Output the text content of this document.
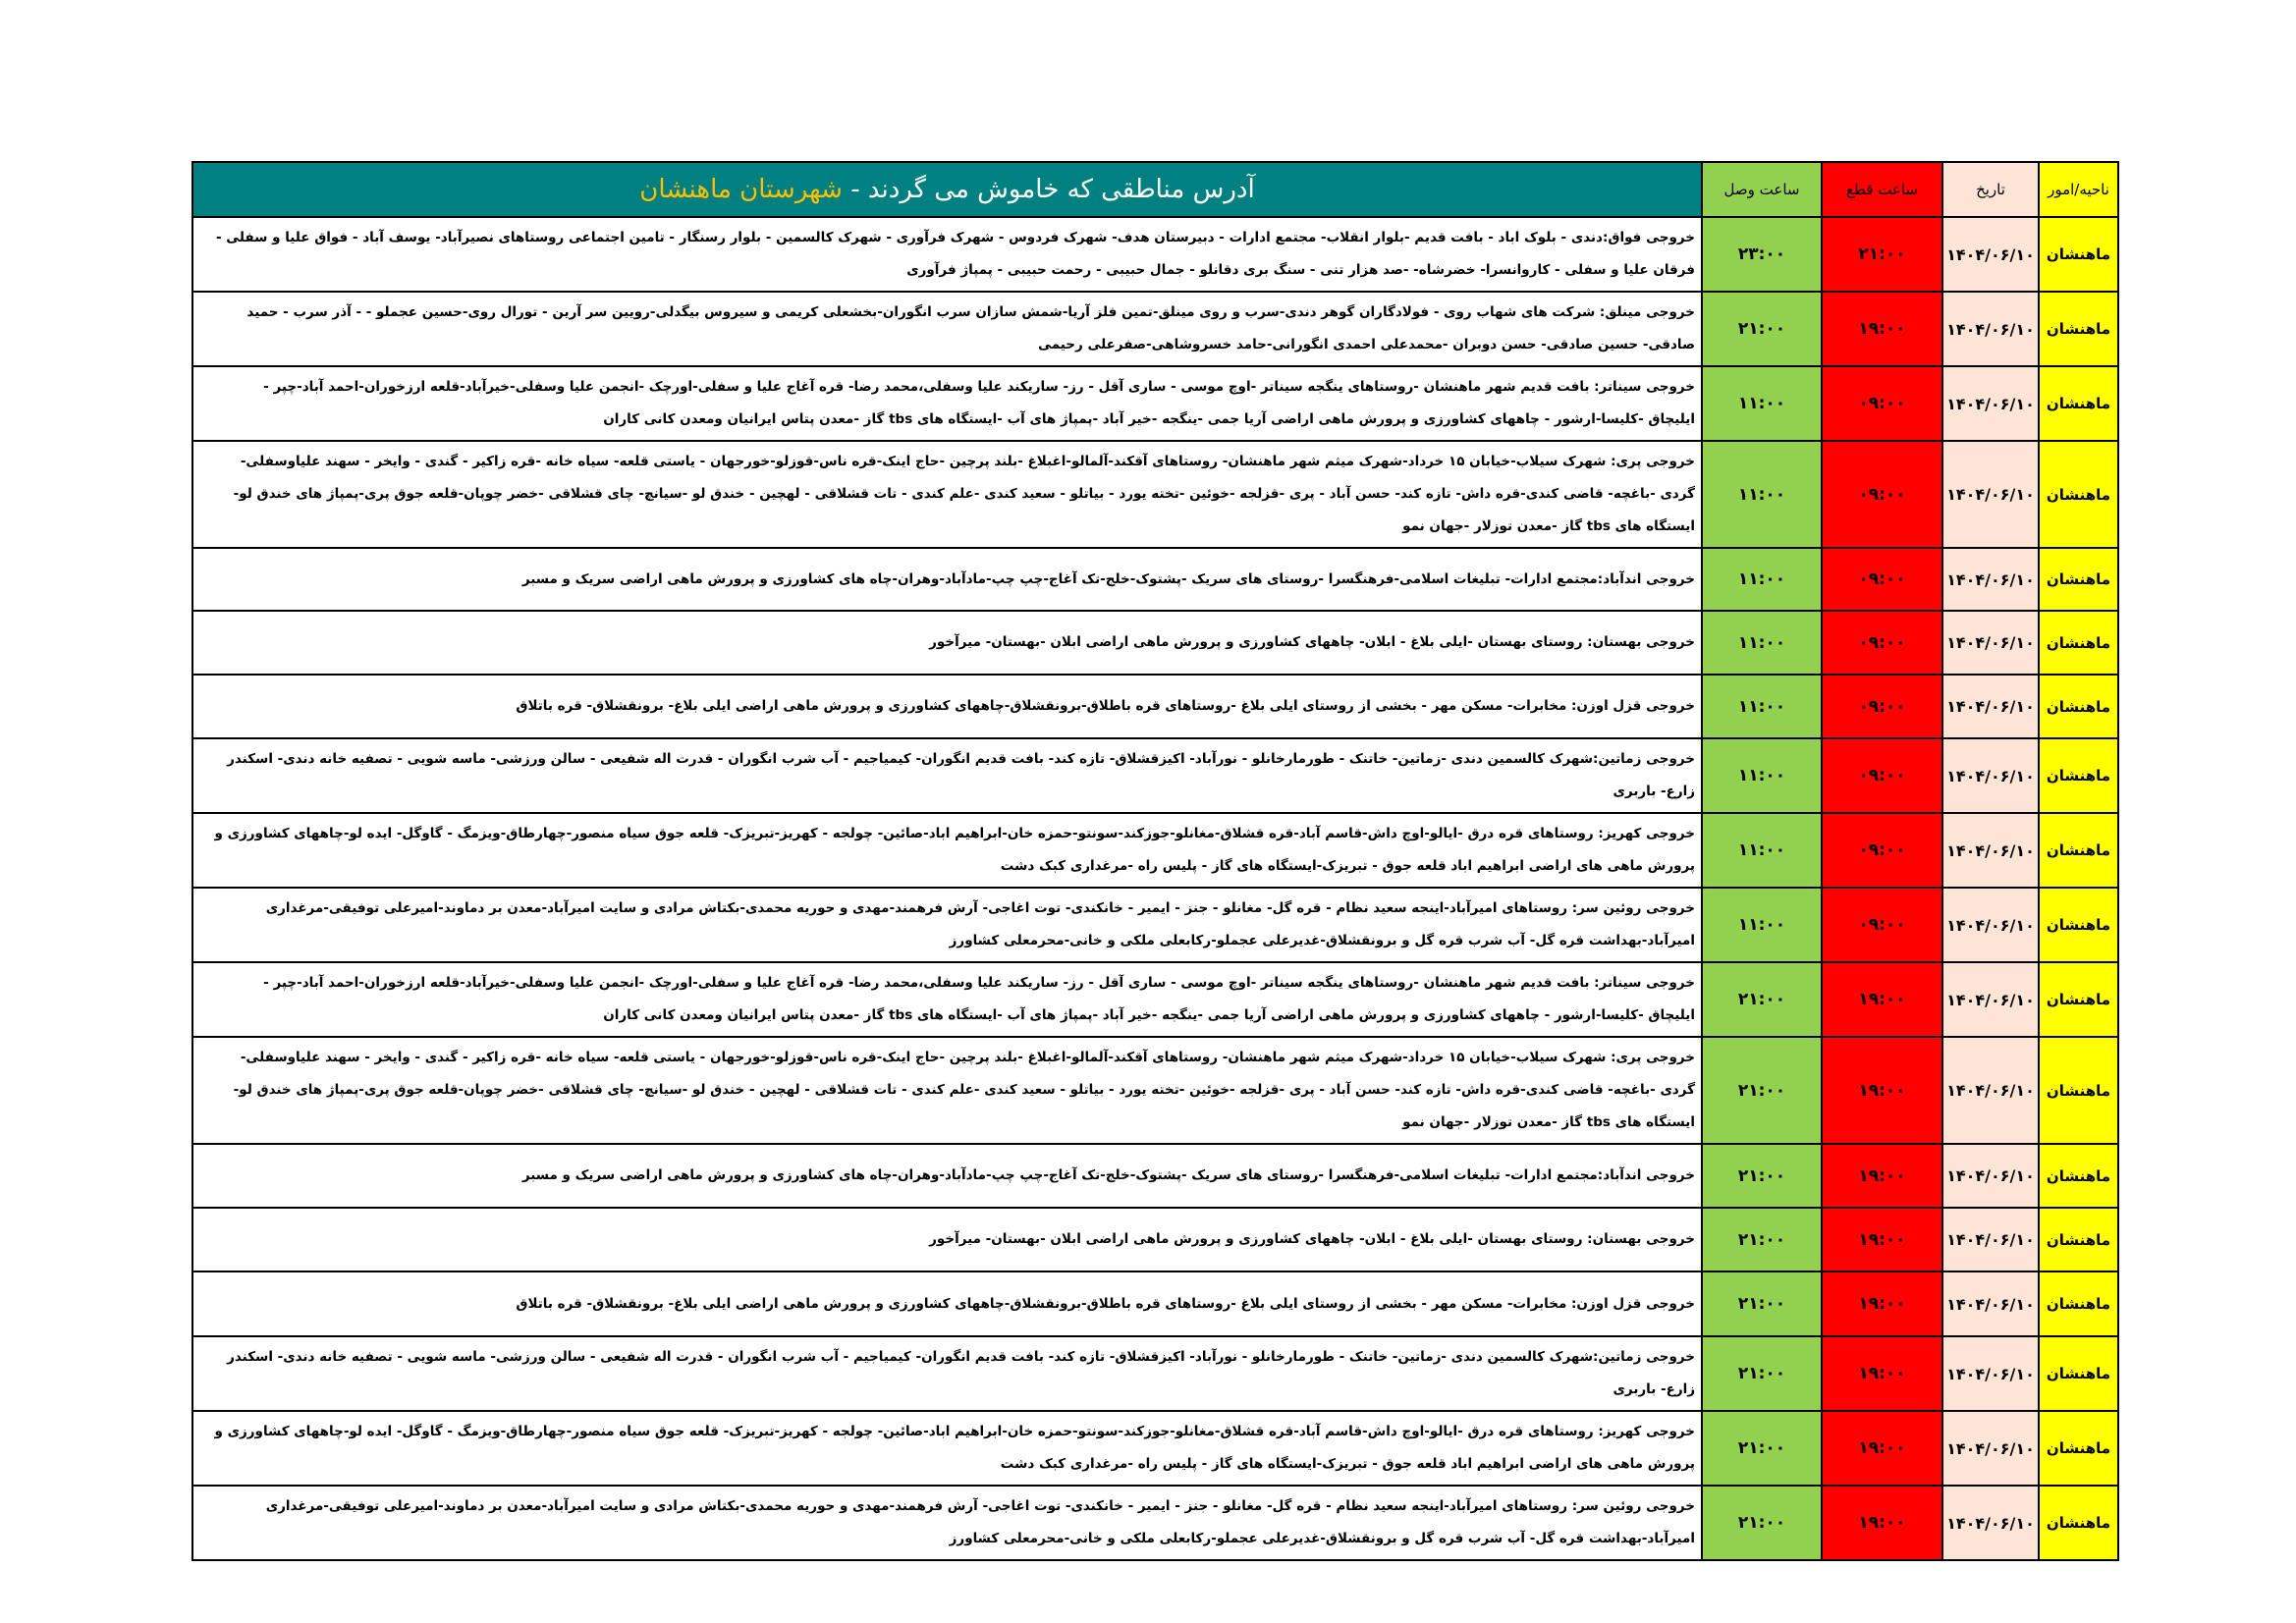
ناحیه/امور	تاریخ	ساعت قطع	ساعت وصل	آدرس مناطقی که خاموش می گردند - شهرستان ماهنشان
ماهنشان	۱۴۰۴/۰۶/۱۰	۲۱:۰۰	۲۳:۰۰	خروجی فواق:دندی - بلوک اباد - بافت قدیم -بلوار انقلاب- مجتمع ادارات - دبیرستان هدف- شهرک فردوس - شهرک فرآوری - شهرک کالسمین - بلوار رسنگار - تامین اجتماعی روستاهای نصیرآباد- یوسف آباد - فواق علیا و سفلی - فرقان علیا و سفلی - کاروانسرا- خضرشاه- -صد هزار تنی - سنگ بری دقانلو - جمال حبیبی - رحمت حبیبی - پمپاژ فرآوری
ماهنشان	۱۴۰۴/۰۶/۱۰	۱۹:۰۰	۲۱:۰۰	خروجی مینلق: شرکت های شهاب روی - فولادگاران گوهر دندی-سرب و روی مینلق-تمین فلز آریا-شمش سازان سرب انگوران-بخشعلی کریمی و سیروس بیگدلی-رویین سر آرین - تورال روی-حسین عجملو - - آذر سرب - حمید صادقی- حسین صادقی- حسن دوبران -محمدعلی احمدی انگورانی-حامد خسروشاهی-صفرعلی رحیمی
ماهنشان	۱۴۰۴/۰۶/۱۰	۰۹:۰۰	۱۱:۰۰	خروجی سیناتر: بافت قدیم شهر ماهنشان -روستاهای ینگجه سیناتر -اوچ موسی - ساری آقل - رز- ساریکند علیا وسفلی،محمد رضا- قره آغاج علیا و سفلی-اورچک -انجمن علیا وسفلی-خیرآباد-قلعه ارزخوران-احمد آباد-چپر - ایلیچاق -کلیسا-ارشور - چاههای کشاورزی و پرورش ماهی اراضی آریا جمی -ینگجه -خیر آباد -پمپاژ های آب -ایستگاه های tbs گاز -معدن پتاس ایرانیان ومعدن کانی کاران
ماهنشان	۱۴۰۴/۰۶/۱۰	۰۹:۰۰	۱۱:۰۰	خروجی پری: شهرک سیلاب-خیابان ۱۵ خرداد-شهرک میثم شهر ماهنشان- روستاهای آقکند-آلمالو-اغبلاغ -بلند پرچین -حاج اینک-قره ناس-قوزلو-خورجهان - یاستی قلعه- سیاه خانه -قره زاکیر - گندی - وایخر - سهند علیاوسفلی- گردی -باغچه- قاضی کندی-قره داش- تازه کند- حسن آباد - پری -قزلجه -خوئین -تخته یورد - بیاتلو - سعید کندی -علم کندی - تات قشلاقی - لهچین - خندق لو -سیانچ- چای قشلاقی -خضر چوپان-قلعه جوق پری-پمپاژ های خندق لو-ایستگاه های tbs گاز -معدن توزلار -جهان نمو
ماهنشان	۱۴۰۴/۰۶/۱۰	۰۹:۰۰	۱۱:۰۰	خروجی اندآباد:مجتمع ادارات- تبلیغات اسلامی-فرهنگسرا -روستای های سریک -پشتوک-خلج-تک آغاج-چپ چپ-مادآباد-وهران-چاه های کشاورزی و پرورش ماهی اراضی سریک و مسبر
ماهنشان	۱۴۰۴/۰۶/۱۰	۰۹:۰۰	۱۱:۰۰	خروجی بهستان: روستای بهستان -ایلی بلاغ - ابلان- چاههای کشاورزی و پرورش ماهی اراضی ابلان -بهستان- میرآخور
ماهنشان	۱۴۰۴/۰۶/۱۰	۰۹:۰۰	۱۱:۰۰	خروجی قزل اوزن: مخابرات- مسکن مهر - بخشی از روستای ایلی بلاغ -روستاهای قره باطلاق-برونقشلاق-چاههای کشاورزی و پرورش ماهی اراضی ایلی بلاغ- برونقشلاق- قره باتلاق
ماهنشان	۱۴۰۴/۰۶/۱۰	۰۹:۰۰	۱۱:۰۰	خروجی زماتین:شهرک کالسمین دندی -زماتین- خاتنک - طورمارخانلو - نورآباد- اکیزقشلاق- تازه کند- بافت قدیم انگوران- کیمیاجیم - آب شرب انگوران - قدرت اله شفیعی - سالن ورزشی- ماسه شویی - تصفیه خانه دندی- اسکندر زارع- باربری
ماهنشان	۱۴۰۴/۰۶/۱۰	۰۹:۰۰	۱۱:۰۰	خروجی کهریز: روستاهای قره درق -ایالو-اوچ داش-قاسم آباد-قره قشلاق-مغانلو-جوزکند-سونتو-حمزه خان-ابراهیم اباد-صائین- چولجه - کهریز-تبریزک- قلعه جوق سیاه منصور-چهارطاق-ویزمگ - گاوگل- ایده لو-چاههای کشاورزی و پرورش ماهی های اراضی ابراهیم اباد قلعه جوق - تبریزک-ایستگاه های گاز - پلیس راه -مرغداری کبک دشت
ماهنشان	۱۴۰۴/۰۶/۱۰	۰۹:۰۰	۱۱:۰۰	خروجی روئین سر: روستاهای امیرآباد-اینجه سعید نظام - قره گل- مغانلو - جنز - ایمیر - خانکندی- توت اغاجی- آرش فرهمند-مهدی و حوریه محمدی-بکتاش مرادی و سایت امیرآباد-معدن بر دماوند-امیرعلی توفیقی-مرغداری امیرآباد-بهداشت قره گل- آب شرب قره گل و برونقشلاق-غدیرعلی عجملو-رکابعلی ملکی و خانی-محرمعلی کشاورز
ماهنشان	۱۴۰۴/۰۶/۱۰	۱۹:۰۰	۲۱:۰۰	خروجی سیناتر: بافت قدیم شهر ماهنشان -روستاهای ینگجه سیناتر -اوچ موسی - ساری آقل - رز- ساریکند علیا وسفلی،محمد رضا- قره آغاج علیا و سفلی-اورچک -انجمن علیا وسفلی-خیرآباد-قلعه ارزخوران-احمد آباد-چپر - ایلیچاق -کلیسا-ارشور - چاههای کشاورزی و پرورش ماهی اراضی آریا جمی -ینگجه -خیر آباد -پمپاژ های آب -ایستگاه های tbs گاز -معدن پتاس ایرانیان ومعدن کانی کاران
ماهنشان	۱۴۰۴/۰۶/۱۰	۱۹:۰۰	۲۱:۰۰	خروجی پری: شهرک سیلاب-خیابان ۱۵ خرداد-شهرک میثم شهر ماهنشان- روستاهای آقکند-آلمالو-اغبلاغ -بلند پرچین -حاج اینک-قره ناس-قوزلو-خورجهان - یاستی قلعه- سیاه خانه -قره زاکیر - گندی - وایخر - سهند علیاوسفلی- گردی -باغچه- قاضی کندی-قره داش- تازه کند- حسن آباد - پری -قزلجه -خوئین -تخته یورد - بیاتلو - سعید کندی -علم کندی - تات قشلاقی - لهچین - خندق لو -سیانچ- چای قشلاقی -خضر چوپان-قلعه جوق پری-پمپاژ های خندق لو-ایستگاه های tbs گاز -معدن توزلار -جهان نمو
ماهنشان	۱۴۰۴/۰۶/۱۰	۱۹:۰۰	۲۱:۰۰	خروجی اندآباد:مجتمع ادارات- تبلیغات اسلامی-فرهنگسرا -روستای های سریک -پشتوک-خلج-تک آغاج-چپ چپ-مادآباد-وهران-چاه های کشاورزی و پرورش ماهی اراضی سریک و مسبر
ماهنشان	۱۴۰۴/۰۶/۱۰	۱۹:۰۰	۲۱:۰۰	خروجی بهستان: روستای بهستان -ایلی بلاغ - ابلان- چاههای کشاورزی و پرورش ماهی اراضی ابلان -بهستان- میرآخور
ماهنشان	۱۴۰۴/۰۶/۱۰	۱۹:۰۰	۲۱:۰۰	خروجی قزل اوزن: مخابرات- مسکن مهر - بخشی از روستای ایلی بلاغ -روستاهای قره باطلاق-برونقشلاق-چاههای کشاورزی و پرورش ماهی اراضی ایلی بلاغ- برونقشلاق- قره باتلاق
ماهنشان	۱۴۰۴/۰۶/۱۰	۱۹:۰۰	۲۱:۰۰	خروجی زماتین:شهرک کالسمین دندی -زماتین- خاتنک - طورمارخانلو - نورآباد- اکیزقشلاق- تازه کند- بافت قدیم انگوران- کیمیاجیم - آب شرب انگوران - قدرت اله شفیعی - سالن ورزشی- ماسه شویی - تصفیه خانه دندی- اسکندر زارع- باربری
ماهنشان	۱۴۰۴/۰۶/۱۰	۱۹:۰۰	۲۱:۰۰	خروجی کهریز: روستاهای قره درق -ایالو-اوچ داش-قاسم آباد-قره قشلاق-مغانلو-جوزکند-سونتو-حمزه خان-ابراهیم اباد-صائین- چولجه - کهریز-تبریزک- قلعه جوق سیاه منصور-چهارطاق-ویزمگ - گاوگل- ایده لو-چاههای کشاورزی و پرورش ماهی های اراضی ابراهیم اباد قلعه جوق - تبریزک-ایستگاه های گاز - پلیس راه -مرغداری کبک دشت
ماهنشان	۱۴۰۴/۰۶/۱۰	۱۹:۰۰	۲۱:۰۰	خروجی روئین سر: روستاهای امیرآباد-اینجه سعید نظام - قره گل- مغانلو - جنز - ایمیر - خانکندی- توت اغاجی- آرش فرهمند-مهدی و حوریه محمدی-بکتاش مرادی و سایت امیرآباد-معدن بر دماوند-امیرعلی توفیقی-مرغداری امیرآباد-بهداشت قره گل- آب شرب قره گل و برونقشلاق-غدیرعلی عجملو-رکابعلی ملکی و خانی-محرمعلی کشاورز
